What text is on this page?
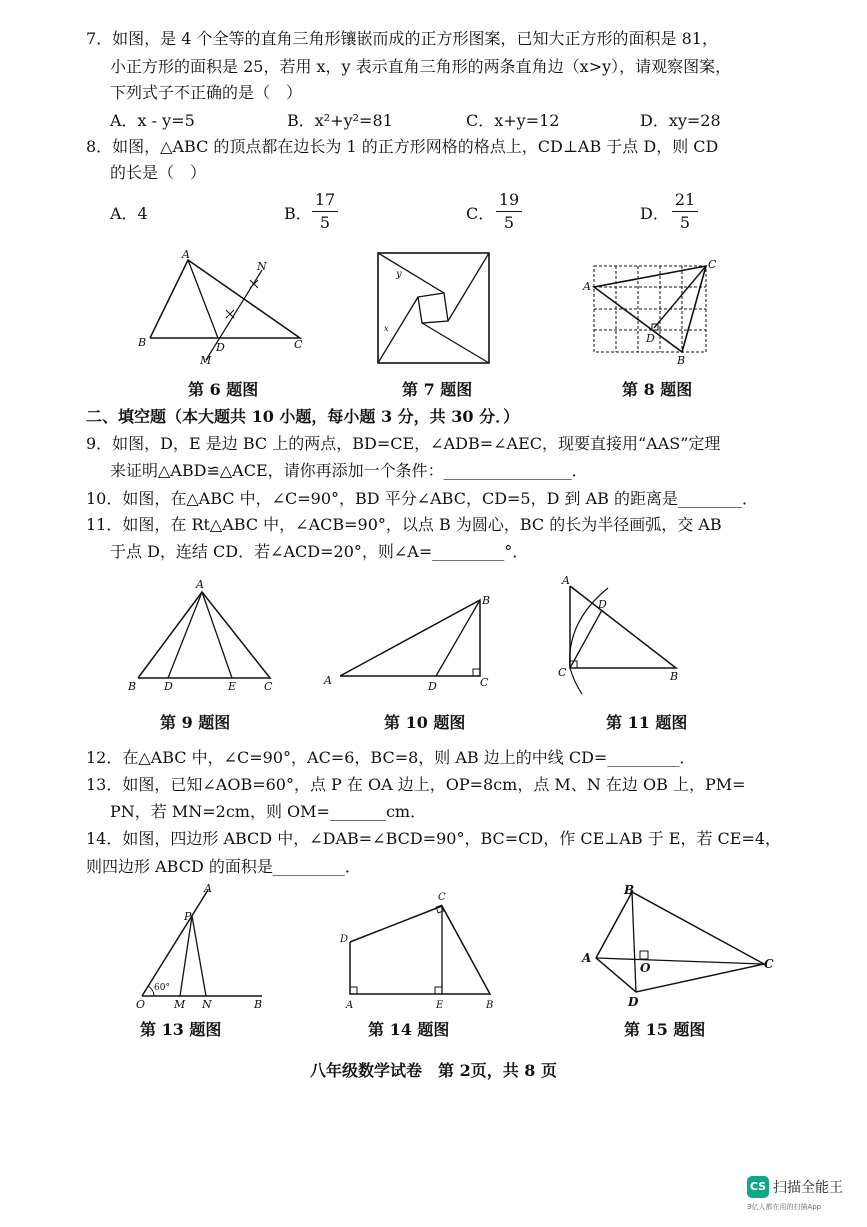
7．如图，是 4 个全等的直角三角形镶嵌而成的正方形图案，已知大正方形的面积是 81，
小正方形的面积是 25，若用 x，y 表示直角三角形的两条直角边（x>y），请观察图案，
下列式子不正确的是（　）
A．x - y=5	B．x²+y²=81	C．x+y=12	D．xy=28
8．如图，△ABC 的顶点都在边长为 1 的正方形网格的格点上，CD⊥AB 于点 D，则 CD
的长是（　）
A．4	B．
17
5	C．
19
5	D．
21
5
A
N
B	D	C
M
第 6 题图
y
x
第 7 题图
A
C
D
B
第 8 题图
二、填空题（本大题共 10 小题，每小题 3 分，共 30 分．）
9．如图，D，E 是边 BC 上的两点，BD=CE，∠ADB=∠AEC，现要直接用“AAS”定理
来证明△ABD≌△ACE，请你再添加一个条件：________________．
10．如图，在△ABC 中，∠C=90°，BD 平分∠ABC，CD=5，D 到 AB 的距离是________．
11．如图，在 Rt△ABC 中，∠ACB=90°，以点 B 为圆心，BC 的长为半径画弧，交 AB
于点 D，连结 CD．若∠ACD=20°，则∠A=_________°．
A
B	D	E	C
第 9 题图
B
A	D	C
第 10 题图
A
D
C	B
第 11 题图
12．在△ABC 中，∠C=90°，AC=6，BC=8，则 AB 边上的中线 CD=_________．
13．如图，已知∠AOB=60°，点 P 在 OA 边上，OP=8cm，点 M、N 在边 OB 上，PM=
PN，若 MN=2cm，则 OM=_______cm．
14．如图，四边形 ABCD 中，∠DAB=∠BCD=90°，BC=CD，作 CE⊥AB 于 E，若 CE=4，
则四边形 ABCD 的面积是_________．
A
P
60°
O	M N	B
第 13 题图
C
D
A	E	B
第 14 题图
B
A
O	C
D
第 15 题图
八年级数学试卷　第 2页，共 8 页
CS 扫描全能王
3亿人都在用的扫描App
